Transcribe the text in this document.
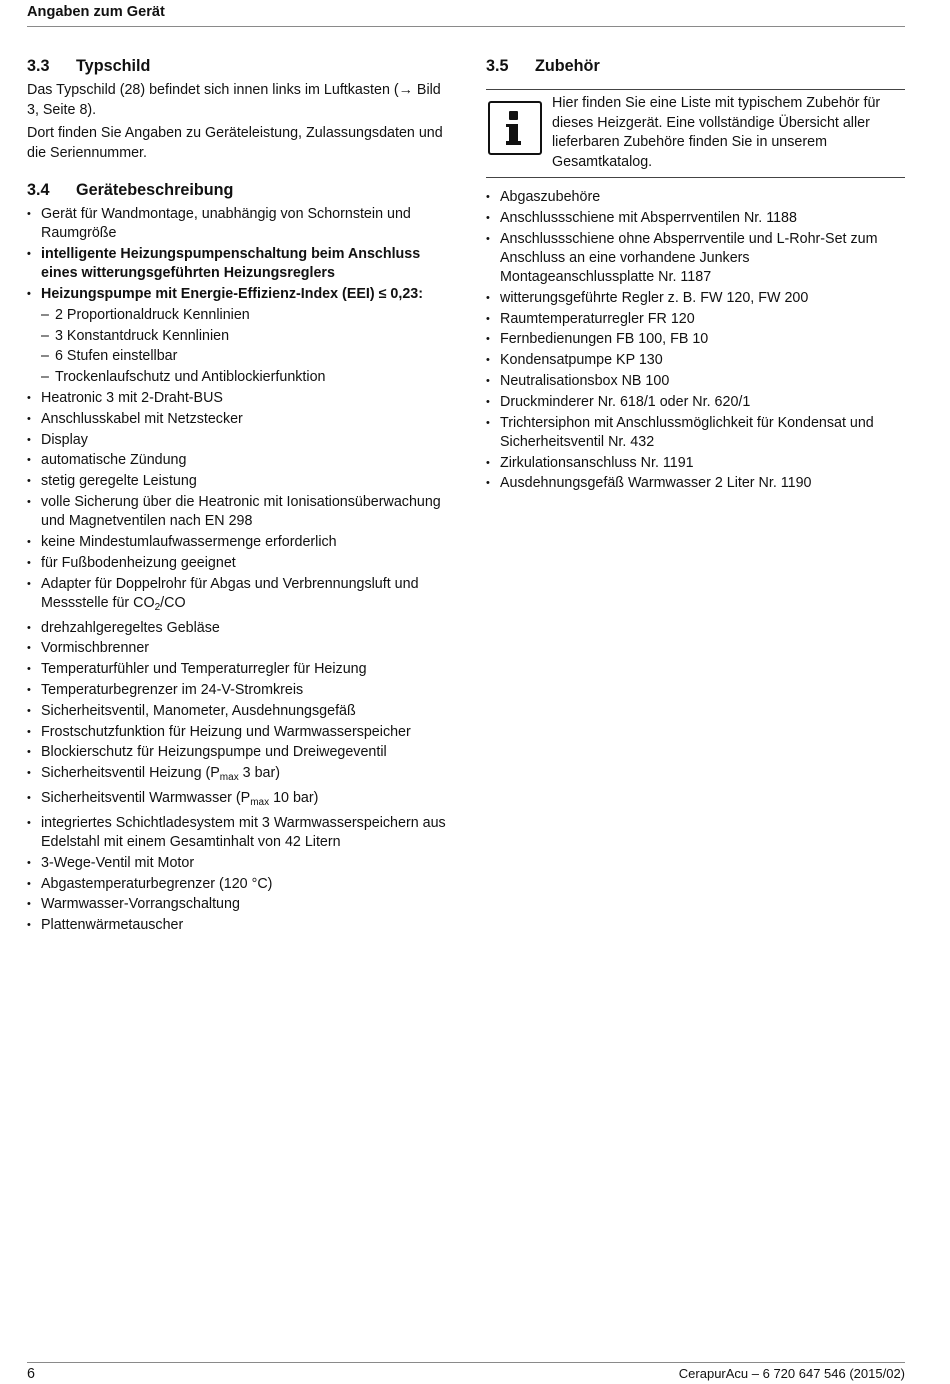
Angaben zum Gerät
3.3	Typschild

Das Typschild (28) befindet sich innen links im Luftkasten (→ Bild 3, Seite 8).

Dort finden Sie Angaben zu Geräteleistung, Zulassungsdaten und die Seriennummer.

3.4	Gerätebeschreibung
• Gerät für Wandmontage, unabhängig von Schornstein und Raumgröße
• intelligente Heizungspumpenschaltung beim Anschluss eines witterungsgeführten Heizungsreglers
• Heizungspumpe mit Energie-Effizienz-Index (EEI) ≤ 0,23:
– 2 Proportionaldruck Kennlinien
– 3 Konstantdruck Kennlinien
– 6 Stufen einstellbar
– Trockenlaufschutz und Antiblockierfunktion
• Heatronic 3 mit 2-Draht-BUS
• Anschlusskabel mit Netzstecker
• Display
• automatische Zündung
• stetig geregelte Leistung
• volle Sicherung über die Heatronic mit Ionisationsüberwachung und Magnetventilen nach EN 298
• keine Mindestumlaufwassermenge erforderlich
• für Fußbodenheizung geeignet
• Adapter für Doppelrohr für Abgas und Verbrennungsluft und Messstelle für $CO_2/CO$
• drehzahlgeregeltes Gebläse
• Vormischbrenner
• Temperaturfühler und Temperaturregler für Heizung
• Temperaturbegrenzer im 24-V-Stromkreis
• Sicherheitsventil, Manometer, Ausdehnungsgefäß
• Frostschutzfunktion für Heizung und Warmwasserspeicher
• Blockierschutz für Heizungspumpe und Dreiwegeventil
• Sicherheitsventil Heizung ($P_{max}$ 3 bar)
• Sicherheitsventil Warmwasser ($P_{max}$ 10 bar)
• integriertes Schichtladesystem mit 3 Warmwasserspeichern aus Edelstahl mit einem Gesamtinhalt von 42 Litern
• 3-Wege-Ventil mit Motor
• Abgastemperaturbegrenzer (120 °C)
• Warmwasser-Vorrangschaltung
• Plattenwärmetauscher
3.5	Zubehör
Hier finden Sie eine Liste mit typischem Zubehör für dieses Heizgerät. Eine vollständige Übersicht aller lieferbaren Zubehöre finden Sie in unserem Gesamtkatalog.
• Abgaszubehöre
• Anschlussschiene mit Absperrventilen Nr. 1188
• Anschlussschiene ohne Absperrventile und L-Rohr-Set zum Anschluss an eine vorhandene Junkers Montageanschlussplatte Nr. 1187
• witterungsgeführte Regler z. B. FW 120, FW 200
• Raumtemperaturregler FR 120
• Fernbedienungen FB 100, FB 10
• Kondensatpumpe KP 130
• Neutralisationsbox NB 100
• Druckminderer Nr. 618/1 oder Nr. 620/1
• Trichtersiphon mit Anschlussmöglichkeit für Kondensat und Sicherheitsventil Nr. 432
• Zirkulationsanschluss Nr. 1191
• Ausdehnungsgefäß Warmwasser 2 Liter Nr. 1190
6	CerapurAcu – 6 720 647 546 (2015/02)
